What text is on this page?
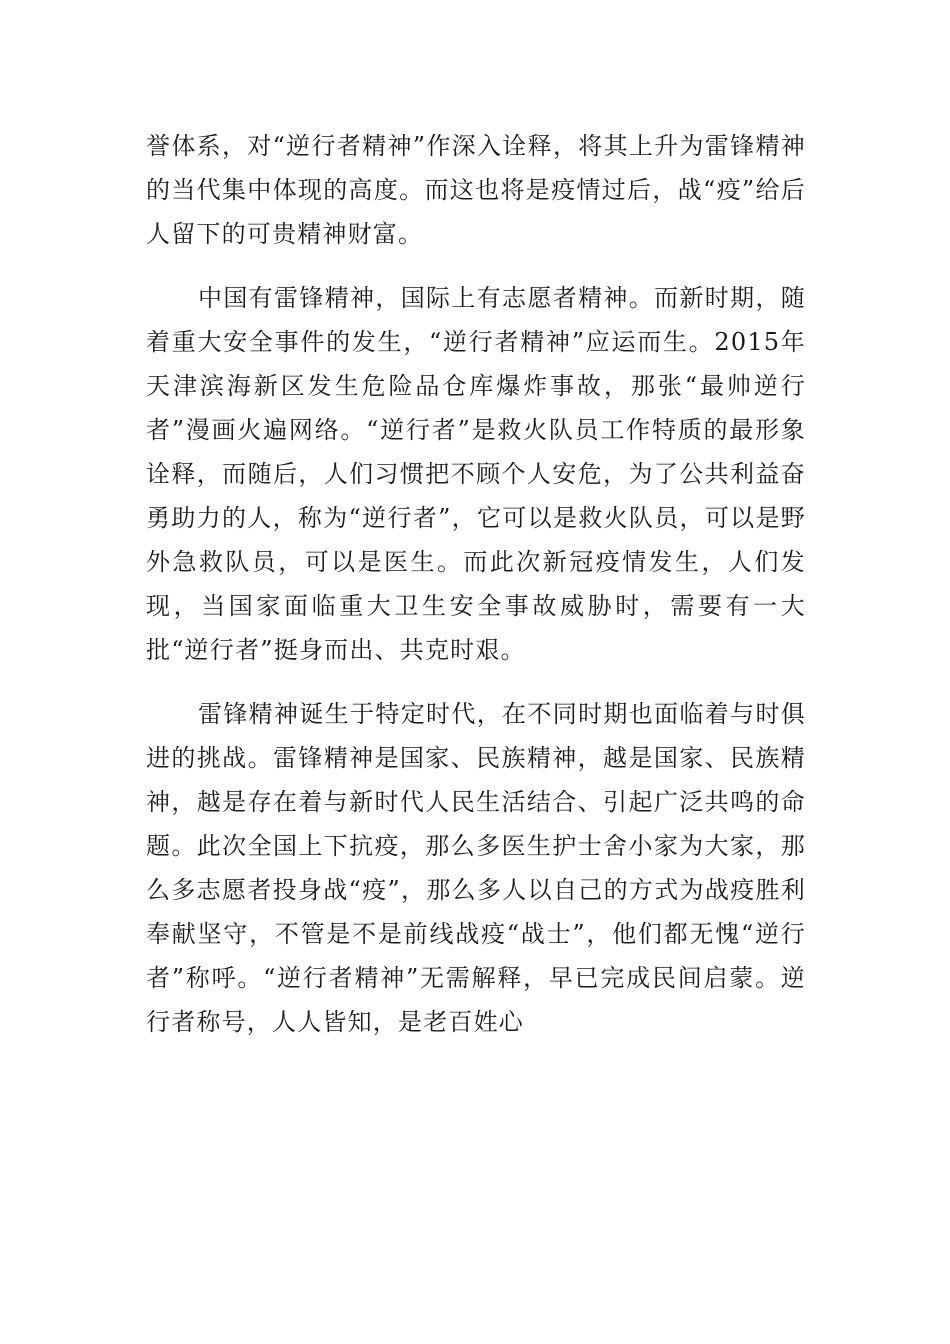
誉体系，对“逆行者精神”作深入诠释，将其上升为雷锋精神的当代集中体现的高度。而这也将是疫情过后，战“疫”给后人留下的可贵精神财富。

中国有雷锋精神，国际上有志愿者精神。而新时期，随着重大安全事件的发生，“逆行者精神”应运而生。2015年天津滨海新区发生危险品仓库爆炸事故，那张“最帅逆行者”漫画火遍网络。“逆行者”是救火队员工作特质的最形象诠释，而随后，人们习惯把不顾个人安危，为了公共利益奋勇助力的人，称为“逆行者”，它可以是救火队员，可以是野外急救队员，可以是医生。而此次新冠疫情发生，人们发现，当国家面临重大卫生安全事故威胁时，需要有一大批“逆行者”挺身而出、共克时艰。

雷锋精神诞生于特定时代，在不同时期也面临着与时俱进的挑战。雷锋精神是国家、民族精神，越是国家、民族精神，越是存在着与新时代人民生活结合、引起广泛共鸣的命题。此次全国上下抗疫，那么多医生护士舍小家为大家，那么多志愿者投身战“疫”，那么多人以自己的方式为战疫胜利奉献坚守，不管是不是前线战疫“战士”，他们都无愧“逆行者”称呼。“逆行者精神”无需解释，早已完成民间启蒙。逆行者称号，人人皆知，是老百姓心
